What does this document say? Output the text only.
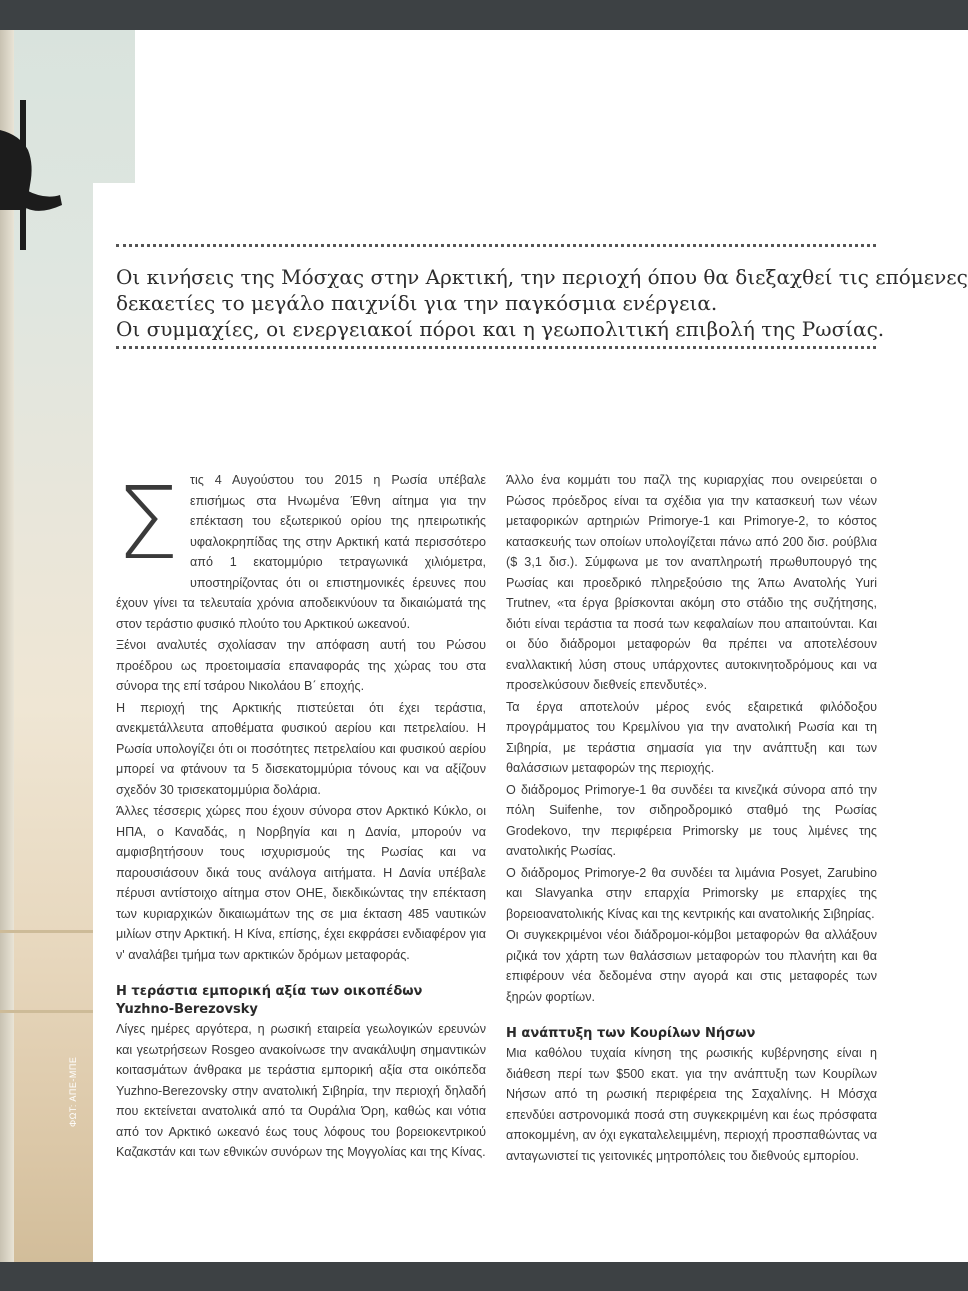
ΦΩΤ: ΑΠΕ-ΜΠΕ
Οι κινήσεις της Μόσχας στην Αρκτική, την περιοχή όπου θα διεξαχθεί τις επόμενες
δεκαετίες το μεγάλο παιχνίδι για την παγκόσμια ενέργεια.
Οι συμμαχίες, οι ενεργειακοί πόροι και η γεωπολιτική επιβολή της Ρωσίας.

Στις 4 Αυγούστου του 2015 η Ρωσία υπέβαλε επισήμως στα Ηνωμένα Έθνη αίτημα για την επέκταση του εξωτερικού ορίου της ηπειρωτικής υφαλοκρηπίδας της στην Αρκτική κατά περισσότερο από 1 εκατομμύριο τετραγωνικά χιλιόμετρα, υποστηρίζοντας ότι οι επιστημονικές έρευνες που έχουν γίνει τα τελευταία χρόνια αποδεικνύουν τα δικαιώματά της στον τεράστιο φυσικό πλούτο του Αρκτικού ωκεανού.

Ξένοι αναλυτές σχολίασαν την απόφαση αυτή του Ρώσου προέδρου ως προετοιμασία επαναφοράς της χώρας του στα σύνορα της επί τσάρου Νικολάου Β΄ εποχής.

Η περιοχή της Αρκτικής πιστεύεται ότι έχει τεράστια, ανεκμετάλλευτα αποθέματα φυσικού αερίου και πετρελαίου. Η Ρωσία υπολογίζει ότι οι ποσότητες πετρελαίου και φυσικού αερίου μπορεί να φτάνουν τα 5 δισεκατομμύρια τόνους και να αξίζουν σχεδόν 30 τρισεκατομμύρια δολάρια.

Άλλες τέσσερις χώρες που έχουν σύνορα στον Αρκτικό Κύκλο, οι ΗΠΑ, ο Καναδάς, η Νορβηγία και η Δανία, μπορούν να αμφισβητήσουν τους ισχυρισμούς της Ρωσίας και να παρουσιάσουν δικά τους ανάλογα αιτήματα. Η Δανία υπέβαλε πέρυσι αντίστοιχο αίτημα στον ΟΗΕ, διεκδικώντας την επέκταση των κυριαρχικών δικαιωμάτων της σε μια έκταση 485 ναυτικών μιλίων στην Αρκτική. Η Κίνα, επίσης, έχει εκφράσει ενδιαφέρον για ν' αναλάβει τμήμα των αρκτικών δρόμων μεταφοράς.

Η τεράστια εμπορική αξία των οικοπέδων
Yuzhno-Berezovsky

Λίγες ημέρες αργότερα, η ρωσική εταιρεία γεωλογικών ερευνών και γεωτρήσεων Rosgeo ανακοίνωσε την ανακάλυψη σημαντικών κοιτασμάτων άνθρακα με τεράστια εμπορική αξία στα οικόπεδα Yuzhno-Berezovsky στην ανατολική Σιβηρία, την περιοχή δηλαδή που εκτείνεται ανατολικά από τα Ουράλια Όρη, καθώς και νότια από τον Αρκτικό ωκεανό έως τους λόφους του βορειοκεντρικού Καζακστάν και των εθνικών συνόρων της Μογγολίας και της Κίνας.

Άλλο ένα κομμάτι του παζλ της κυριαρχίας που ονειρεύεται ο Ρώσος πρόεδρος είναι τα σχέδια για την κατασκευή των νέων μεταφορικών αρτηριών Primorye-1 και Primorye-2, το κόστος κατασκευής των οποίων υπολογίζεται πάνω από 200 δισ. ρούβλια ($ 3,1 δισ.). Σύμφωνα με τον αναπληρωτή πρωθυπουργό της Ρωσίας και προεδρικό πληρεξούσιο της Άπω Ανατολής Yuri Trutnev, «τα έργα βρίσκονται ακόμη στο στάδιο της συζήτησης, διότι είναι τεράστια τα ποσά των κεφαλαίων που απαιτούνται. Και οι δύο διάδρομοι μεταφορών θα πρέπει να αποτελέσουν εναλλακτική λύση στους υπάρχοντες αυτοκινητοδρόμους και να προσελκύσουν διεθνείς επενδυτές».

Τα έργα αποτελούν μέρος ενός εξαιρετικά φιλόδοξου προγράμματος του Κρεμλίνου για την ανατολική Ρωσία και τη Σιβηρία, με τεράστια σημασία για την ανάπτυξη και των θαλάσσιων μεταφορών της περιοχής.

Ο διάδρομος Primorye-1 θα συνδέει τα κινεζικά σύνορα από την πόλη Suifenhe, τον σιδηροδρομικό σταθμό της Ρωσίας Grodekovo, την περιφέρεια Primorsky με τους λιμένες της ανατολικής Ρωσίας.

Ο διάδρομος Primorye-2 θα συνδέει τα λιμάνια Posyet, Zarubino και Slavyanka στην επαρχία Primorsky με επαρχίες της βορειοανατολικής Κίνας και της κεντρικής και ανατολικής Σιβηρίας.

Οι συγκεκριμένοι νέοι διάδρομοι-κόμβοι μεταφορών θα αλλάξουν ριζικά τον χάρτη των θαλάσσιων μεταφορών του πλανήτη και θα επιφέρουν νέα δεδομένα στην αγορά και στις μεταφορές των ξηρών φορτίων.

Η ανάπτυξη των Κουρίλων Νήσων

Μια καθόλου τυχαία κίνηση της ρωσικής κυβέρνησης είναι η διάθεση περί των $500 εκατ. για την ανάπτυξη των Κουρίλων Νήσων από τη ρωσική περιφέρεια της Σαχαλίνης. Η Μόσχα επενδύει αστρονομικά ποσά στη συγκεκριμένη και έως πρόσφατα αποκομμένη, αν όχι εγκαταλελειμμένη, περιοχή προσπαθώντας να ανταγωνιστεί τις γειτονικές μητροπόλεις του διεθνούς εμπορίου.
